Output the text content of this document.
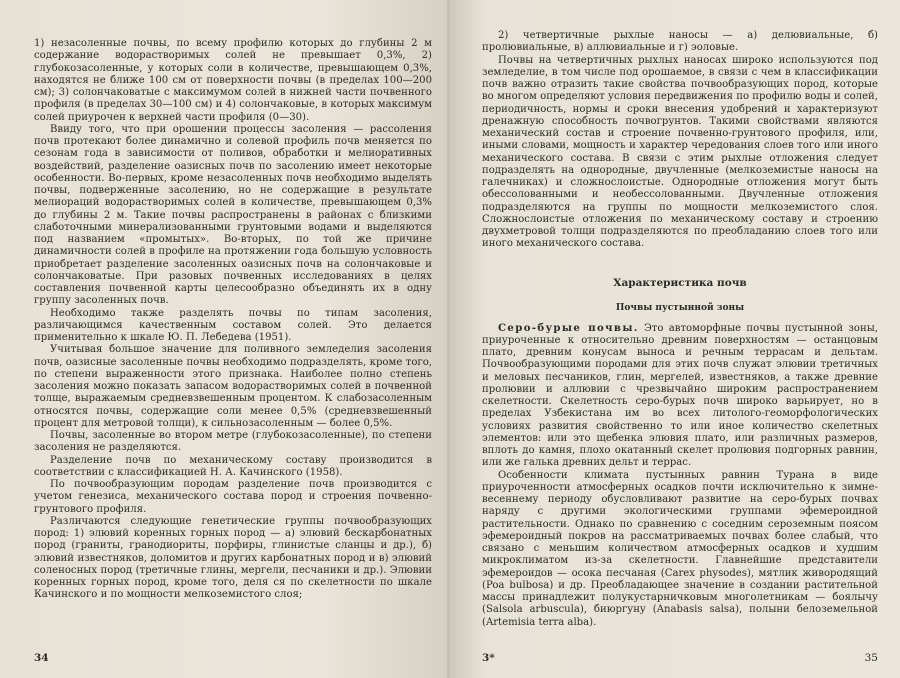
1) незасоленные почвы, по всему профилю которых до глубины 2 м содержание водорастворимых солей не превышает 0,3%, 2) глубокозасоленные, у которых соли в количестве, превышающем 0,3%, находятся не ближе 100 см от поверхности почвы (в пределах 100—200 см); 3) солончаковатые с максимумом солей в нижней части почвенного профиля (в пределах 30—100 см) и 4) солончаковые, в которых максимум солей приурочен к верхней части профиля (0—30).

Ввиду того, что при орошении процессы засоления — рассоления почв протекают более динамично и солевой профиль почв меняется по сезонам года в зависимости от поливов, обработки и мелиоративных воздействий, разделение оазисных почв по засолению имеет некоторые особенности. Во-первых, кроме незасоленных почв необходимо выделять почвы, подверженные засолению, но не содержащие в результате мелиораций водорастворимых солей в количестве, превышающем 0,3% до глубины 2 м. Такие почвы распространены в районах с близкими слаботочными минерализованными грунтовыми водами и выделяются под названием «промытых». Во-вторых, по той же причине динамичности солей в профиле на протяжении года большую условность приобретает разделение засоленных оазисных почв на солончаковые и солончаковатые. При разовых почвенных исследованиях в целях составления почвенной карты целесообразно объединять их в одну группу засоленных почв.

Необходимо также разделять почвы по типам засоления, различающимся качественным составом солей. Это делается применительно к шкале Ю. П. Лебедева (1951).

Учитывая большое значение для поливного земледелия засоления почв, оазисные засоленные почвы необходимо подразделять, кроме того, по степени выраженности этого признака. Наиболее полно степень засоления можно показать запасом водорастворимых солей в почвенной толще, выражаемым средневзвешенным процентом. К слабозасоленным относятся почвы, содержащие соли менее 0,5% (средневзвешенный процент для метровой толщи), к сильнозасоленным — более 0,5%.

Почвы, засоленные во втором метре (глубокозасоленные), по степени засоления не разделяются.

Разделение почв по механическому составу производится в соответствии с классификацией Н. А. Качинского (1958).

По почвообразующим породам разделение почв производится с учетом генезиса, механического состава пород и строения почвенно-грунтового профиля.

Различаются следующие генетические группы почвообразующих пород: 1) элювий коренных горных пород — а) элювий бескарбонатных пород (граниты, гранодиориты, порфиры, глинистые сланцы и др.), б) элювий известняков, доломитов и других карбонатных пород и в) элювий соленосных пород (третичные глины, мергели, песчаники и др.). Элювии коренных горных пород, кроме того, деля ся по скелетности по шкале Качинского и по мощности мелкоземистого слоя;

34

2) четвертичные рыхлые наносы — а) делювиальные, б) пролювиальные, в) аллювиальные и г) эоловые.

Почвы на четвертичных рыхлых наносах широко используются под земледелие, в том числе под орошаемое, в связи с чем в классификации почв важно отразить такие свойства почвообразующих пород, которые во многом определяют условия передвижения по профилю воды и солей, периодичность, нормы и сроки внесения удобрений и характеризуют дренажную способность почвогрунтов. Такими свойствами являются механический состав и строение почвенно-грунтового профиля, или, иными словами, мощность и характер чередования слоев того или иного механического состава. В связи с этим рыхлые отложения следует подразделять на однородные, двучленные (мелкоземистые наносы на галечниках) и сложнослоистые. Однородные отложения могут быть обессолованными и необессолованными. Двучленные отложения подразделяются на группы по мощности мелкоземистого слоя. Сложнослоистые отложения по механическому составу и строению двухметровой толщи подразделяются по преобладанию слоев того или иного механического состава.

Характеристика почв
Почвы пустынной зоны

Серо-бурые почвы. Это автоморфные почвы пустынной зоны, приуроченные к относительно древним поверхностям — останцовым плато, древним конусам выноса и речным террасам и дельтам. Почвообразующими породами для этих почв служат элювии третичных и меловых песчаников, глин, мергелей, известняков, а также древние пролювии и аллювии с чрезвычайно широким распространением скелетности. Скелетность серо-бурых почв широко варьирует, но в пределах Узбекистана им во всех литолого-геоморфологических условиях развития свойственно то или иное количество скелетных элементов: или это щебенка элювия плато, или различных размеров, вплоть до камня, плохо окатанный скелет пролювия подгорных равнин, или же галька древних дельт и террас.

Особенности климата пустынных равнин Турана в виде приуроченности атмосферных осадков почти исключительно к зимне-весеннему периоду обусловливают развитие на серо-бурых почвах наряду с другими экологическими группами эфемероидной растительности. Однако по сравнению с соседним сероземным поясом эфемероидный покров на рассматриваемых почвах более слабый, что связано с меньшим количеством атмосферных осадков и худшим микроклиматом из-за скелетности. Главнейшие представители эфемероидов — осока песчаная (Carex physodes), мятлик живородящий (Poa bulbosa) и др. Преобладающее значение в создании растительной массы принадлежит полукустарничковым многолетникам — боялычу (Salsola arbuscula), биюргуну (Anabasis salsa), полыни белоземельной (Artemisia terra alba).

3*	35
